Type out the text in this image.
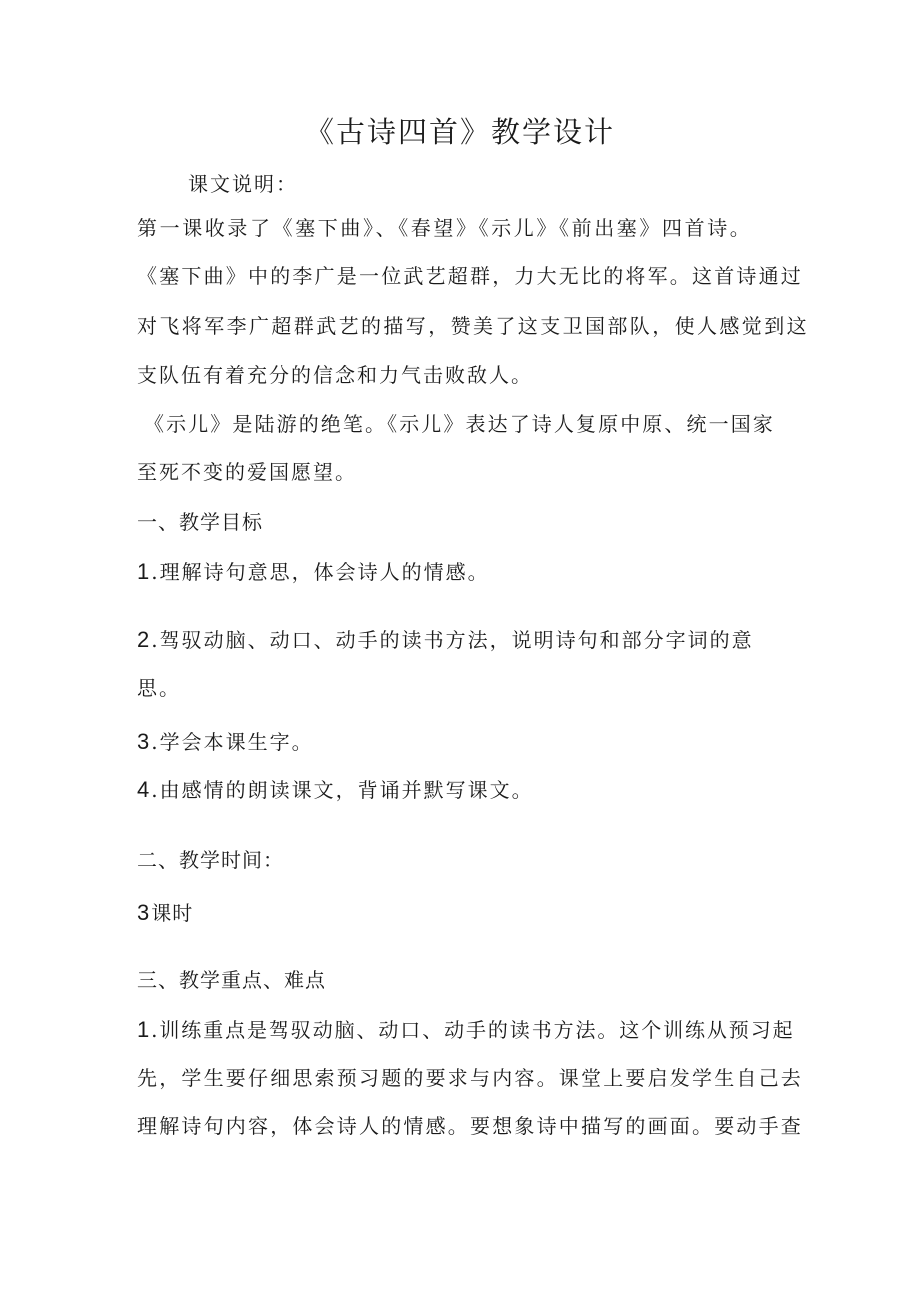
《古诗四首》教学设计
课文说明：
第一课收录了《塞下曲》、《春望》《示儿》《前出塞》四首诗。
《塞下曲》中的李广是一位武艺超群，力大无比的将军。这首诗通过
对飞将军李广超群武艺的描写，赞美了这支卫国部队，使人感觉到这
支队伍有着充分的信念和力气击败敌人。
《示儿》是陆游的绝笔。《示儿》表达了诗人复原中原、统一国家
至死不变的爱国愿望。
一、教学目标
1.理解诗句意思，体会诗人的情感。
2.驾驭动脑、动口、动手的读书方法，说明诗句和部分字词的意
思。
3.学会本课生字。
4.由感情的朗读课文，背诵并默写课文。
二、教学时间：
3课时
三、教学重点、难点
1.训练重点是驾驭动脑、动口、动手的读书方法。这个训练从预习起
先，学生要仔细思索预习题的要求与内容。课堂上要启发学生自己去
理解诗句内容，体会诗人的情感。要想象诗中描写的画面。要动手查
